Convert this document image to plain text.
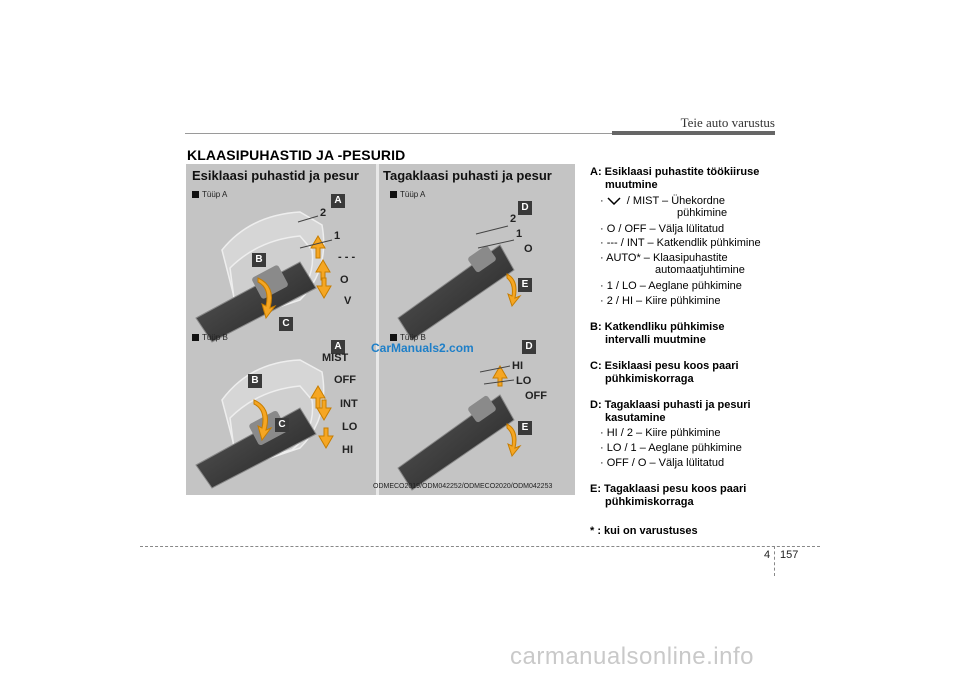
Teie auto varustus
KLAASIPUHASTID JA -PESURID
Esiklaasi puhastid ja pesur Tagaklaasi puhasti ja pesur
Tüüp A
Tüüp B
Tüüp A
Tüüp B
A
B
C
A
B
C
D
E
D
E
2
1
- - -
O
V
MIST
OFF
INT
LO
HI
2
1
O
HI
LO
OFF
CarManuals2.com
ODMECO2019/ODM042252/ODMECO2020/ODM042253
A: Esiklaasi puhastite töökiiruse
muutmine
· / MIST – Ühekordne
pühkimine
· O / OFF – Välja lülitatud
· --- / INT – Katkendlik pühkimine
· AUTO* – Klaasipuhastite
automaatjuhtimine
· 1 / LO – Aeglane pühkimine
· 2 / HI – Kiire pühkimine
B: Katkendliku pühkimise
intervalli muutmine
C: Esiklaasi pesu koos paari
pühkimiskorraga
D: Tagaklaasi puhasti ja pesuri
kasutamine
· HI / 2 – Kiire pühkimine
· LO / 1 – Aeglane pühkimine
· OFF / O – Välja lülitatud
E: Tagaklaasi pesu koos paari
pühkimiskorraga
* : kui on varustuses
4 157
carmanualsonline.info
